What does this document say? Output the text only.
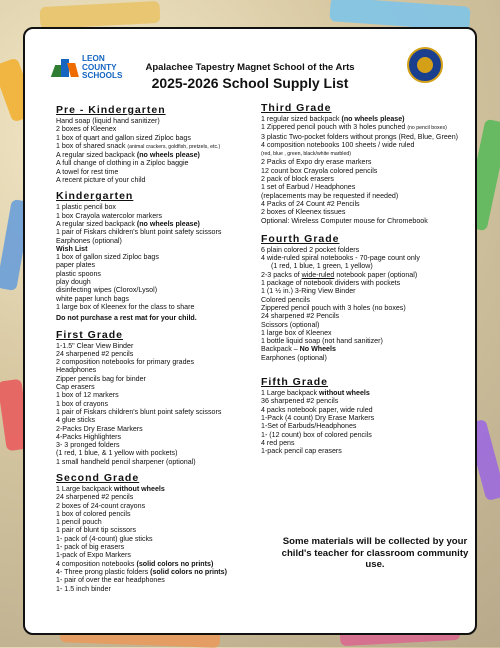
LEON
COUNTY
SCHOOLS
Apalachee Tapestry Magnet School of the Arts
2025-2026 School Supply List
Pre - Kindergarten
Hand soap (liquid hand sanitizer)
2 boxes of Kleenex
1 box of quart and gallon sized Ziploc bags
1 box of shared snack (animal crackers, goldfish, pretzels, etc.)
A regular sized backpack (no wheels please)
A full change of clothing in a Ziploc baggie
A towel for rest time
A recent picture of your child
Kindergarten
1 plastic pencil box
1 box Crayola watercolor markers
A regular sized backpack (no wheels please)
1 pair of Fiskars children's blunt point safety scissors
Earphones (optional)
Wish List
1 box of gallon sized Ziploc bags
paper plates
plastic spoons
play dough
disinfecting wipes (Clorox/Lysol)
white paper lunch bags
1 large box of Kleenex for the class to share
Do not purchase a rest mat for your child.
First Grade
1-1.5" Clear View Binder
24 sharpened #2 pencils
2 composition notebooks for primary grades
Headphones
Zipper pencils bag for binder
Cap erasers
1 box of 12 markers
1 box of crayons
1 pair of Fiskars children's blunt point safety scissors
4 glue sticks
2-Packs Dry Erase Markers
4-Packs Highlighters
3- 3 pronged folders
(1 red, 1 blue, & 1 yellow with pockets)
1 small handheld pencil sharpener (optional)
Second Grade
1 Large backpack without wheels
24 sharpened #2 pencils
2 boxes of 24-count crayons
1 box of colored pencils
1 pencil pouch
1 pair of blunt tip scissors
1- pack of (4-count) glue sticks
1- pack of big erasers
1-pack of Expo Markers
4 composition notebooks (solid colors no prints)
4- Three prong plastic folders (solid colors no prints)
1- pair of over the ear headphones
1- 1.5 inch binder
Third Grade
1 regular sized backpack (no wheels please)
1 Zippered pencil pouch with 3 holes punched (no pencil boxes)
3 plastic Two-pocket folders without prongs (Red, Blue, Green)
4 composition notebooks 100 sheets / wide ruled
(red, blue , green, black/white marbled)
2 Packs of Expo dry erase markers
12 count box Crayola colored pencils
2 pack of block erasers
1 set of Earbud / Headphones
(replacements may be requested if needed)
4 Packs of 24 Count #2 Pencils
2 boxes of Kleenex tissues
Optional: Wireless Computer mouse for Chromebook
Fourth Grade
6 plain colored 2 pocket folders
4 wide-ruled spiral notebooks - 70-page count only
(1 red, 1 blue, 1 green, 1 yellow)
2-3 packs of wide-ruled notebook paper (optional)
1 package of notebook dividers with pockets
1 (1 ½ in.) 3-Ring View Binder
Colored pencils
Zippered pencil pouch with 3 holes (no boxes)
24 sharpened #2 Pencils
Scissors (optional)
1 large box of Kleenex
1 bottle liquid soap (not hand sanitizer)
Backpack – No Wheels
Earphones (optional)
Fifth Grade
1 Large backpack without wheels
36 sharpened #2 pencils
4 packs notebook paper, wide ruled
1-Pack (4 count) Dry Erase Markers
1-Set of Earbuds/Headphones
1- (12 count) box of colored pencils
4 red pens
1-pack pencil cap erasers
Some materials will be collected by your child's teacher for classroom community use.
